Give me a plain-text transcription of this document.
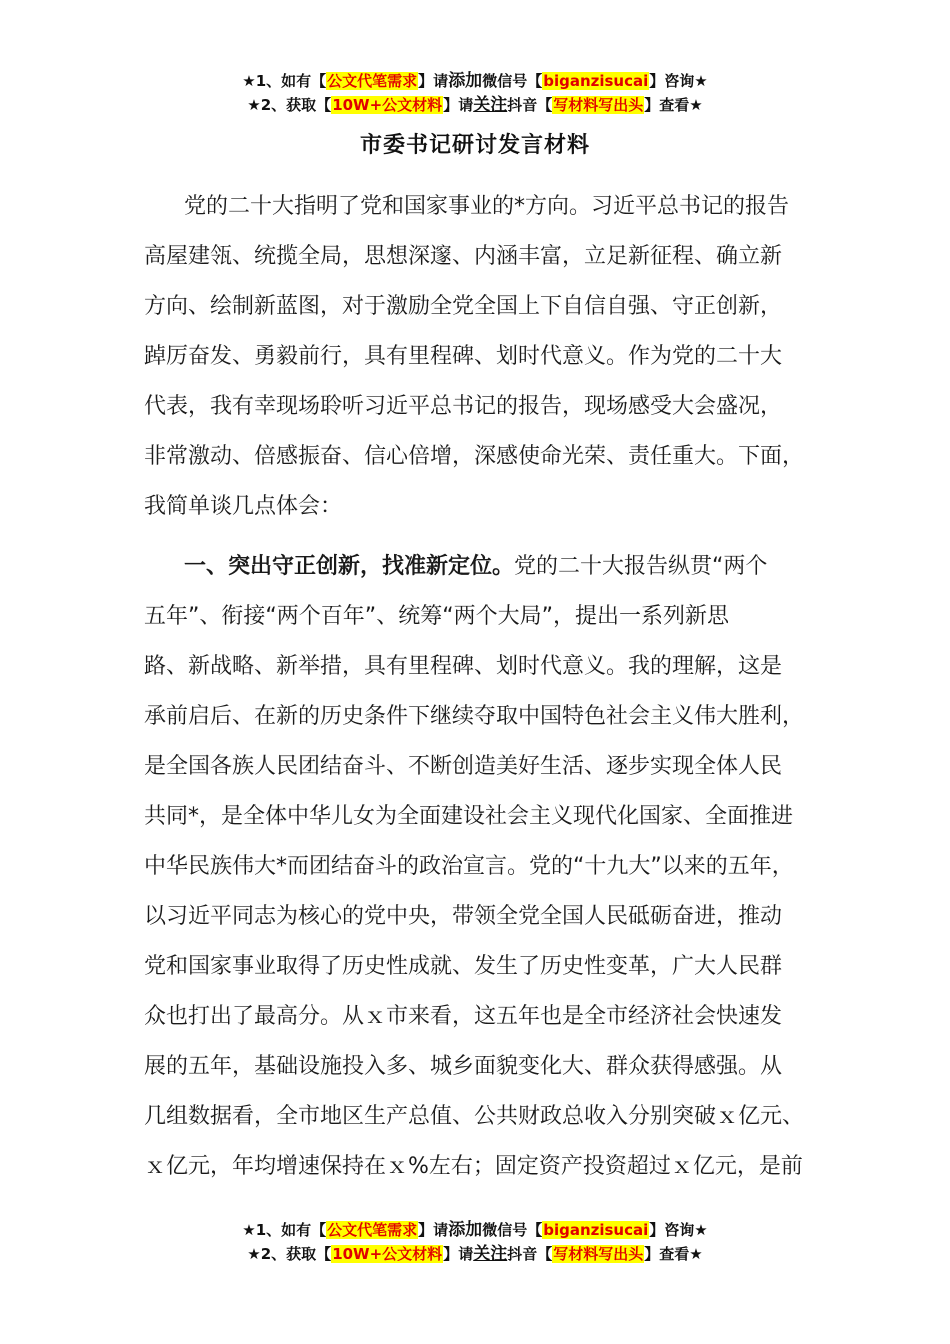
★1、如有【公文代笔需求】请添加微信号【biganzisucai】咨询★
★2、获取【10W+公文材料】请关注抖音【写材料写出头】查看★
市委书记研讨发言材料

党的二十大指明了党和国家事业的*方向。习近平总书记的报告
高屋建瓴、统揽全局，思想深邃、内涵丰富，立足新征程、确立新
方向、绘制新蓝图，对于激励全党全国上下自信自强、守正创新，
踔厉奋发、勇毅前行，具有里程碑、划时代意义。作为党的二十大
代表，我有幸现场聆听习近平总书记的报告，现场感受大会盛况，
非常激动、倍感振奋、信心倍增，深感使命光荣、责任重大。下面，
我简单谈几点体会：

一、突出守正创新，找准新定位。党的二十大报告纵贯“两个
五年”、衔接“两个百年”、统筹“两个大局”，提出一系列新思
路、新战略、新举措，具有里程碑、划时代意义。我的理解，这是
承前启后、在新的历史条件下继续夺取中国特色社会主义伟大胜利，
是全国各族人民团结奋斗、不断创造美好生活、逐步实现全体人民
共同*，是全体中华儿女为全面建设社会主义现代化国家、全面推进
中华民族伟大*而团结奋斗的政治宣言。党的“十九大”以来的五年，
以习近平同志为核心的党中央，带领全党全国人民砥砺奋进，推动
党和国家事业取得了历史性成就、发生了历史性变革，广大人民群
众也打出了最高分。从ｘ市来看，这五年也是全市经济社会快速发
展的五年，基础设施投入多、城乡面貌变化大、群众获得感强。从
几组数据看，全市地区生产总值、公共财政总收入分别突破ｘ亿元、
ｘ亿元，年均增速保持在ｘ%左右；固定资产投资超过ｘ亿元，是前

★1、如有【公文代笔需求】请添加微信号【biganzisucai】咨询★
★2、获取【10W+公文材料】请关注抖音【写材料写出头】查看★
